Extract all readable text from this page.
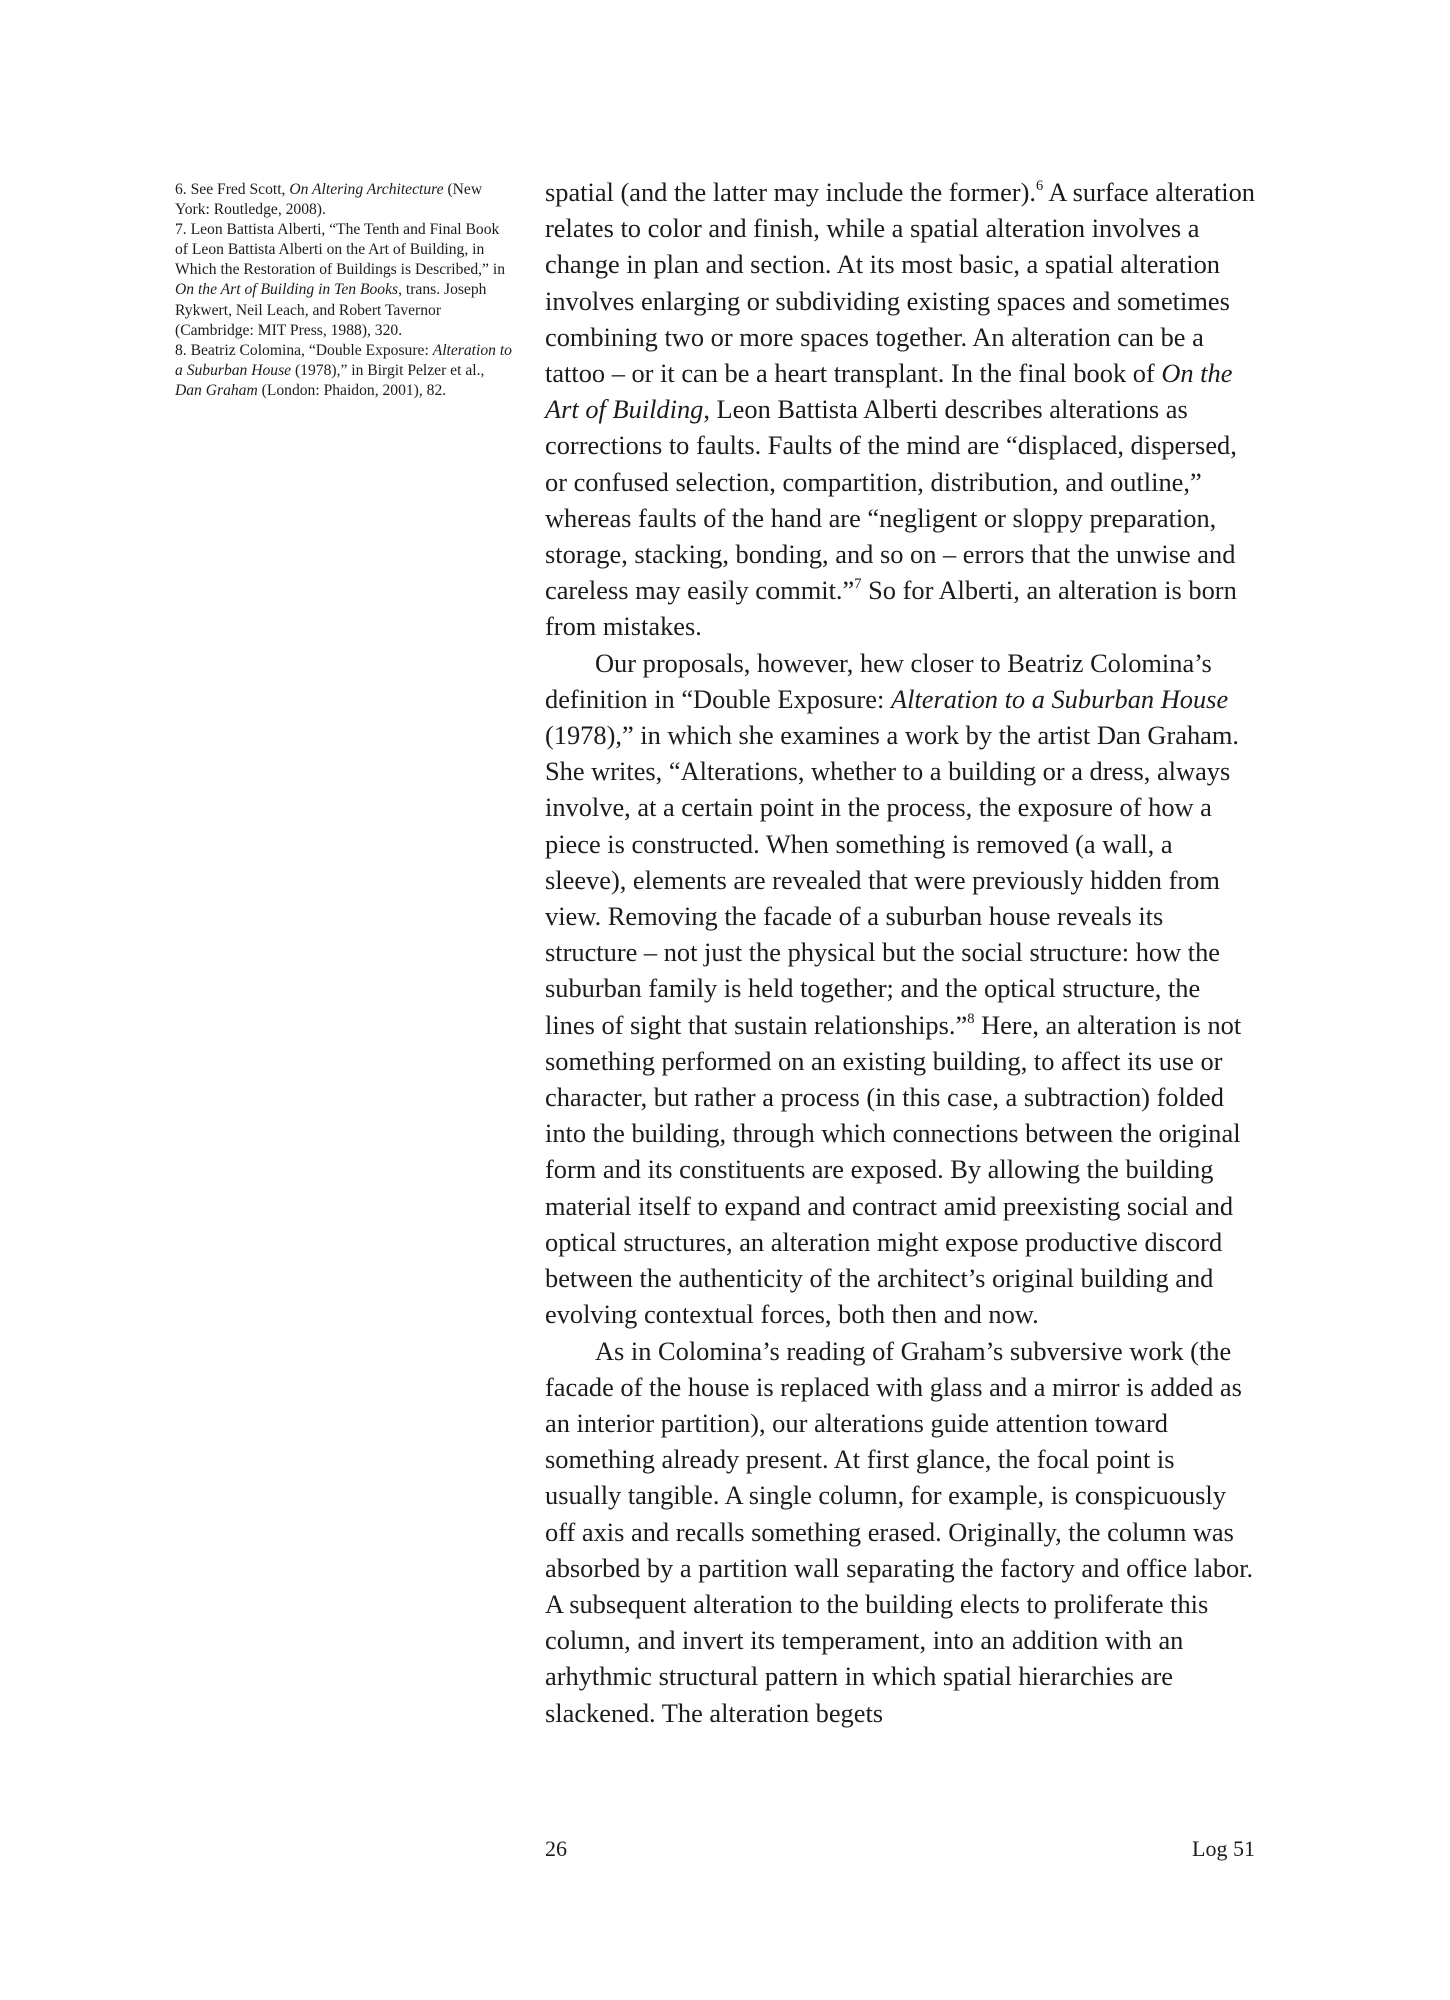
6. See Fred Scott, On Altering Architecture (New York: Routledge, 2008).

7. Leon Battista Alberti, “The Tenth and Final Book of Leon Battista Alberti on the Art of Building, in Which the Restoration of Buildings is Described,” in On the Art of Building in Ten Books, trans. Joseph Rykwert, Neil Leach, and Robert Tavernor (Cambridge: MIT Press, 1988), 320.

8. Beatriz Colomina, “Double Exposure: Alteration to a Suburban House (1978),” in Birgit Pelzer et al., Dan Graham (London: Phaidon, 2001), 82.

spatial (and the latter may include the former).$^6$ A surface alteration relates to color and finish, while a spatial alteration involves a change in plan and section. At its most basic, a spatial alteration involves enlarging or subdividing existing spaces and sometimes combining two or more spaces together. An alteration can be a tattoo – or it can be a heart transplant. In the final book of On the Art of Building, Leon Battista Alberti describes alterations as corrections to faults. Faults of the mind are “displaced, dispersed, or confused selection, compartition, distribution, and outline,” whereas faults of the hand are “negligent or sloppy preparation, storage, stacking, bonding, and so on – errors that the unwise and careless may easily commit.”$^7$ So for Alberti, an alteration is born from mistakes.

Our proposals, however, hew closer to Beatriz Colomina’s definition in “Double Exposure: Alteration to a Suburban House (1978),” in which she examines a work by the artist Dan Graham. She writes, “Alterations, whether to a building or a dress, always involve, at a certain point in the process, the exposure of how a piece is constructed. When something is removed (a wall, a sleeve), elements are revealed that were previously hidden from view. Removing the facade of a suburban house reveals its structure – not just the physical but the social structure: how the suburban family is held together; and the optical structure, the lines of sight that sustain relationships.”$^8$ Here, an alteration is not something performed on an existing building, to affect its use or character, but rather a process (in this case, a subtraction) folded into the building, through which connections between the original form and its constituents are exposed. By allowing the building material itself to expand and contract amid preexisting social and optical structures, an alteration might expose productive discord between the authenticity of the architect’s original building and evolving contextual forces, both then and now.

As in Colomina’s reading of Graham’s subversive work (the facade of the house is replaced with glass and a mirror is added as an interior partition), our alterations guide attention toward something already present. At first glance, the focal point is usually tangible. A single column, for example, is conspicuously off axis and recalls something erased. Originally, the column was absorbed by a partition wall separating the factory and office labor. A subsequent alteration to the building elects to proliferate this column, and invert its temperament, into an addition with an arhythmic structural pattern in which spatial hierarchies are slackened. The alteration begets

26	Log 51
